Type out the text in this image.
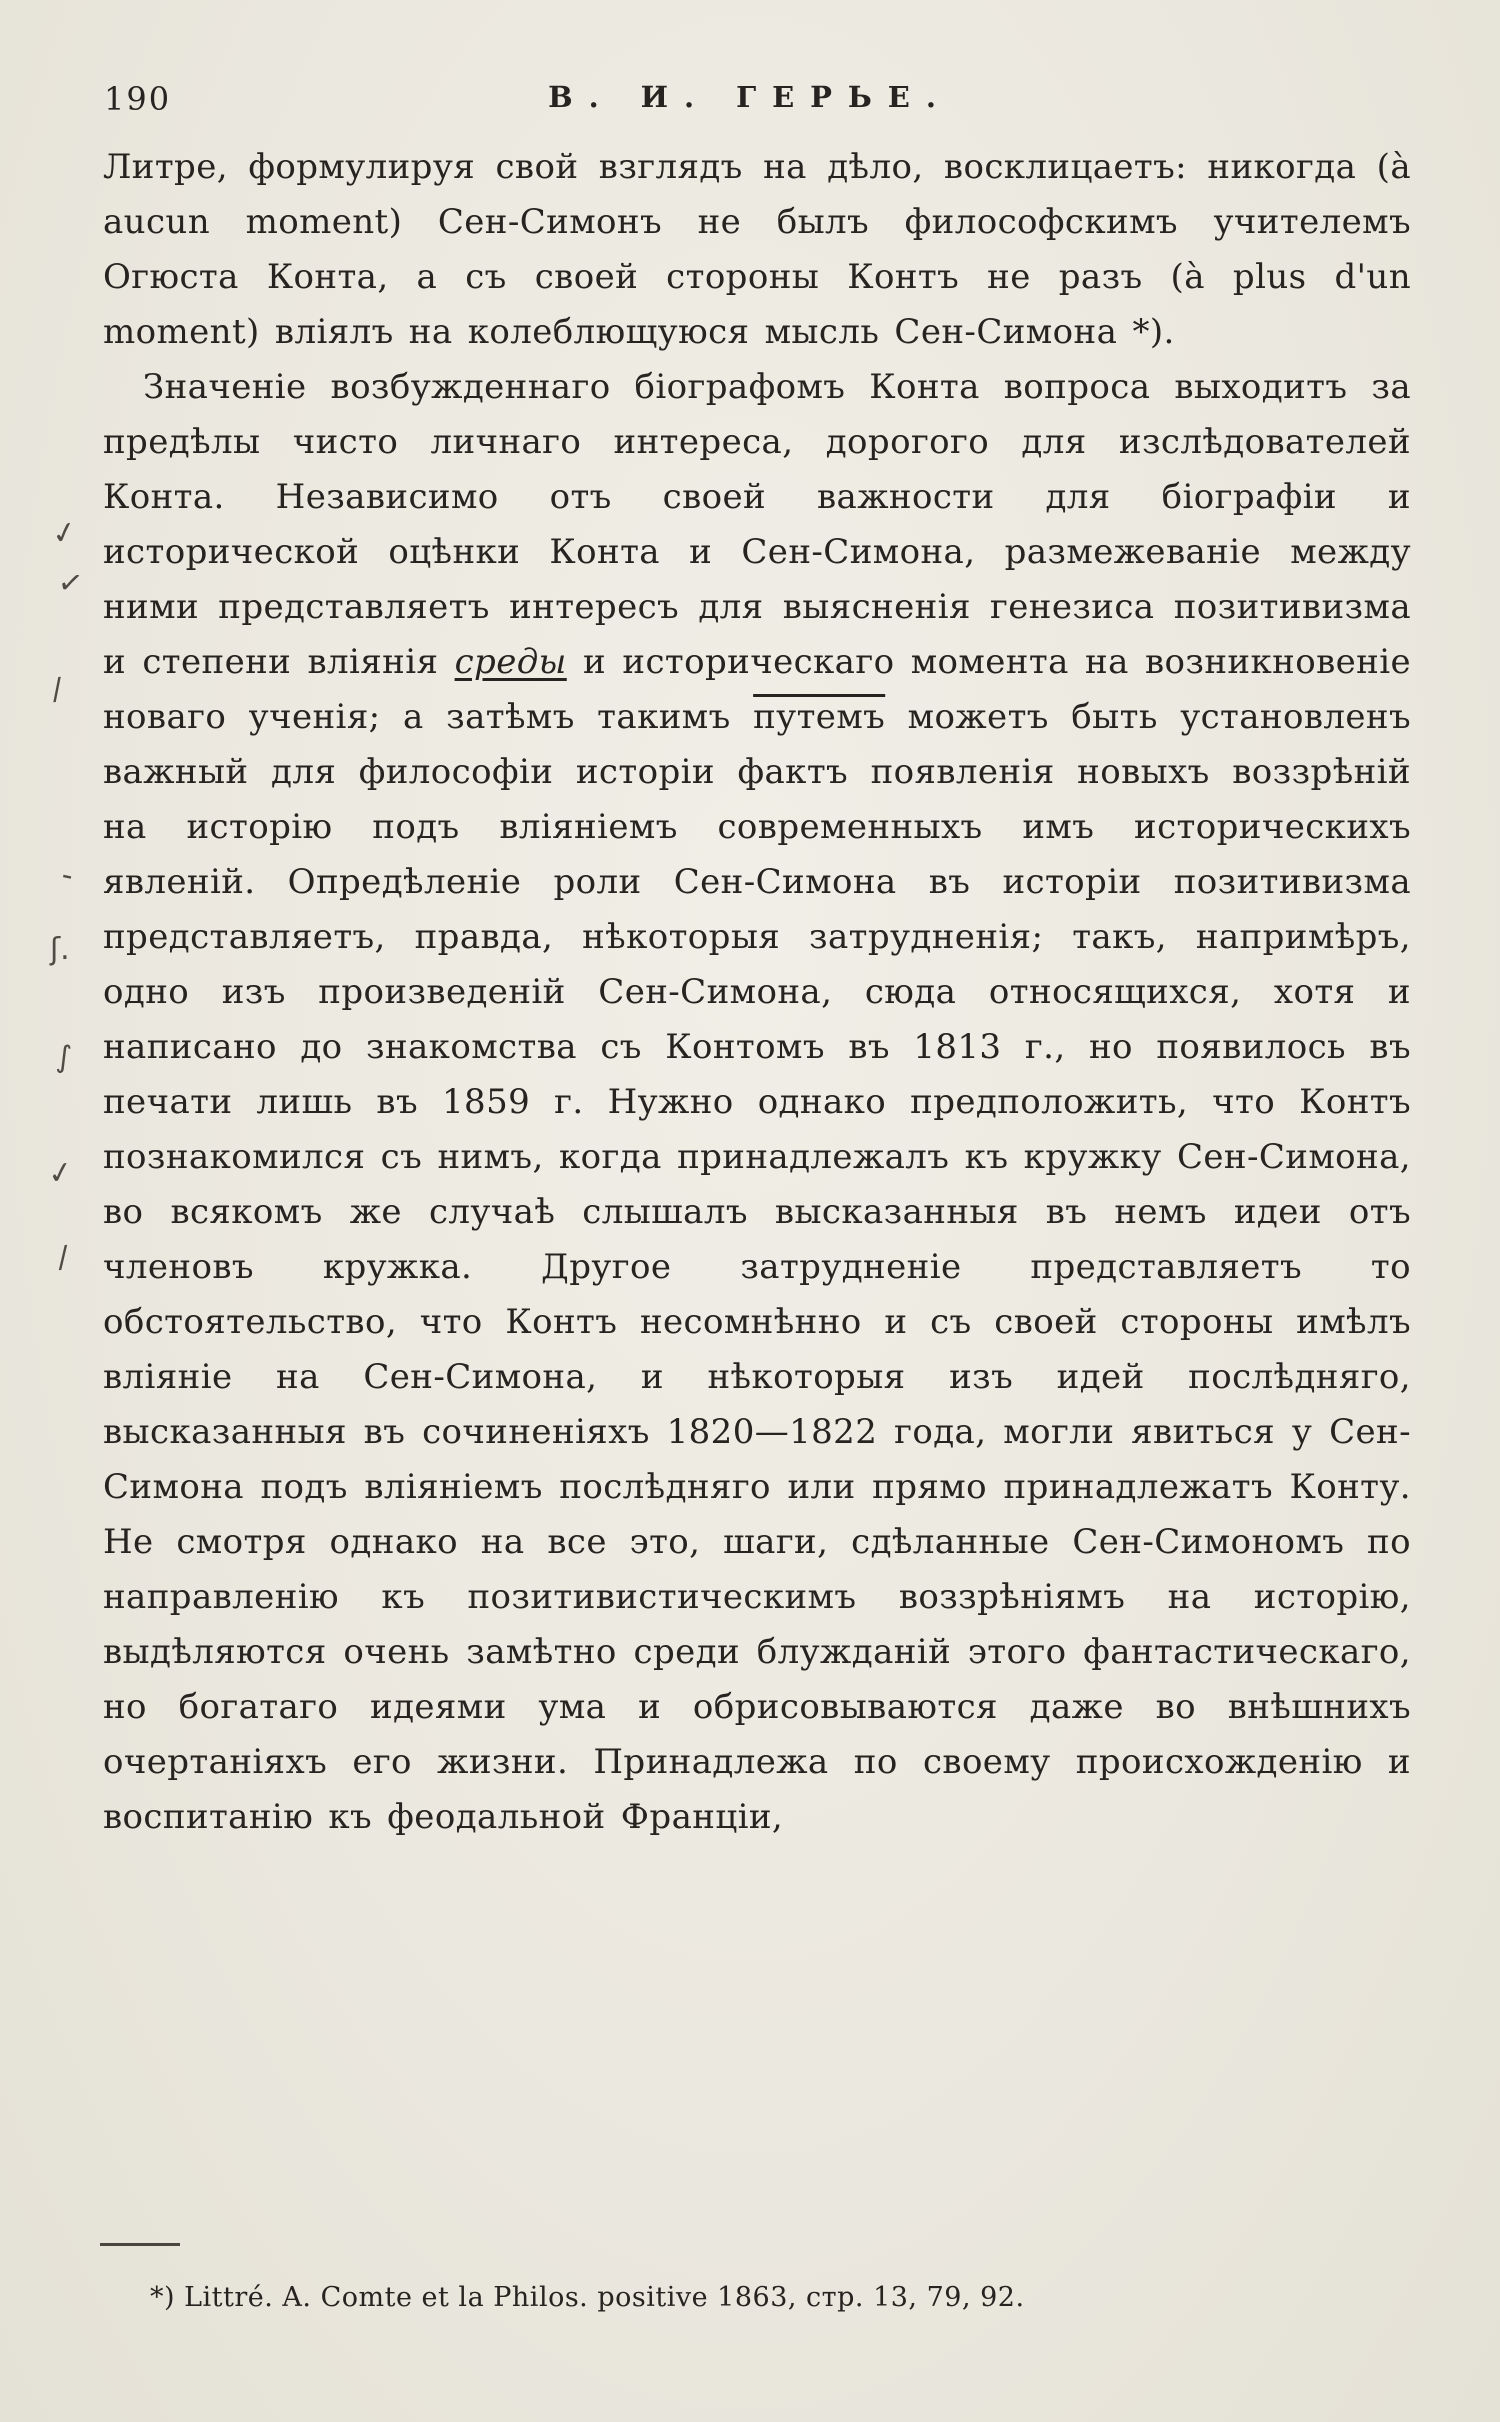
190	В. И. ГЕРЬЕ.

Литре, формулируя свой взглядъ на дѣло, восклицаетъ: никогда (à aucun moment) Сен-Симонъ не былъ философскимъ учителемъ Огюста Конта, а съ своей стороны Контъ не разъ (à plus d'un moment) вліялъ на колеблющуюся мысль Сен-Симона *).

Значеніе возбужденнаго біографомъ Конта вопроса выходитъ за предѣлы чисто личнаго интереса, дорогого для изслѣдователей Конта. Независимо отъ своей важности для біографіи и исторической оцѣнки Конта и Сен-Симона, размежеваніе между ними представляетъ интересъ для выясненія генезиса позитивизма и степени вліянія среды и историческаго момента на возникновеніе новаго ученія; а затѣмъ такимъ путемъ можетъ быть установленъ важный для философіи исторіи фактъ появленія новыхъ воззрѣній на исторію подъ вліяніемъ современныхъ имъ историческихъ явленій. Опредѣленіе роли Сен-Симона въ исторіи позитивизма представляетъ, правда, нѣкоторыя затрудненія; такъ, напримѣръ, одно изъ произведеній Сен-Симона, сюда относящихся, хотя и написано до знакомства съ Контомъ въ 1813 г., но появилось въ печати лишь въ 1859 г. Нужно однако предположить, что Контъ познакомился съ нимъ, когда принадлежалъ къ кружку Сен-Симона, во всякомъ же случаѣ слышалъ высказанныя въ немъ идеи отъ членовъ кружка. Другое затрудненіе представляетъ то обстоятельство, что Контъ несомнѣнно и съ своей стороны имѣлъ вліяніе на Сен-Симона, и нѣкоторыя изъ идей послѣдняго, высказанныя въ сочиненіяхъ 1820—1822 года, могли явиться у Сен-Симона подъ вліяніемъ послѣдняго или прямо принадлежатъ Конту. Не смотря однако на все это, шаги, сдѣланные Сен-Симономъ по направленію къ позитивистическимъ воззрѣніямъ на исторію, выдѣляются очень замѣтно среди блужданій этого фантастическаго, но богатаго идеями ума и обрисовываются даже во внѣшнихъ очертаніяхъ его жизни. Принадлежа по своему происхожденію и воспитанію къ феодальной Франціи,

✓
✓
∕
‐
ʃ.
∫
✓
∕
*) Littré. A. Comte et la Philos. positive 1863, стр. 13, 79, 92.
